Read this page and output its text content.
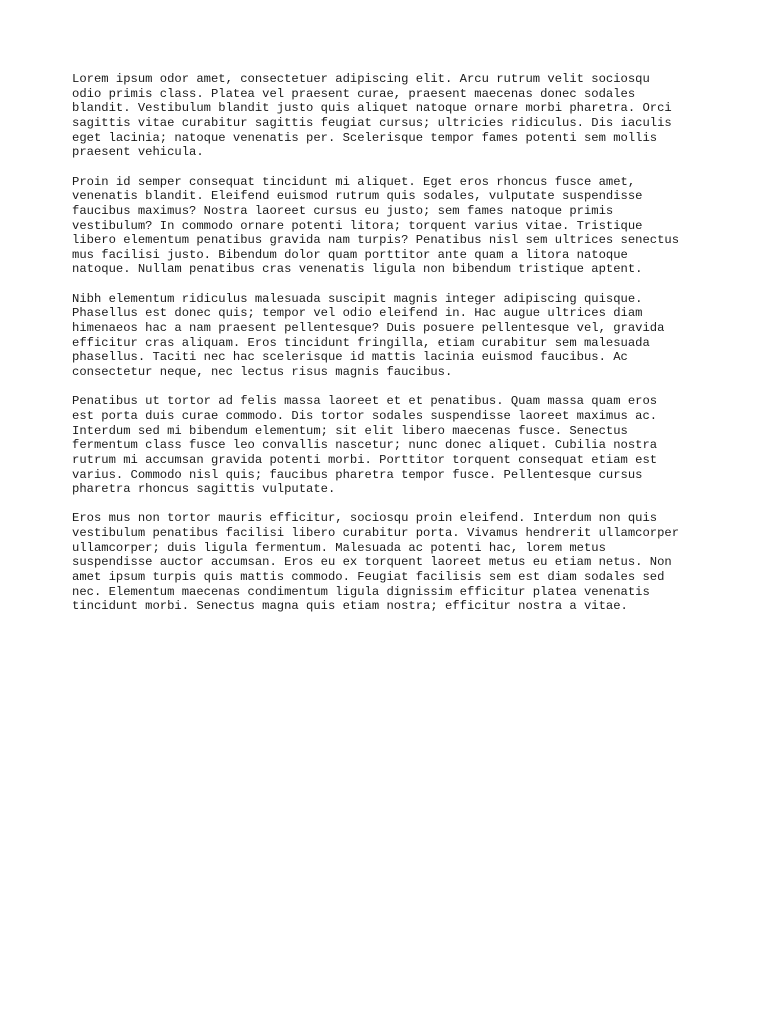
Lorem ipsum odor amet, consectetuer adipiscing elit. Arcu rutrum velit sociosqu
odio primis class. Platea vel praesent curae, praesent maecenas donec sodales
blandit. Vestibulum blandit justo quis aliquet natoque ornare morbi pharetra. Orci
sagittis vitae curabitur sagittis feugiat cursus; ultricies ridiculus. Dis iaculis
eget lacinia; natoque venenatis per. Scelerisque tempor fames potenti sem mollis
praesent vehicula.

Proin id semper consequat tincidunt mi aliquet. Eget eros rhoncus fusce amet,
venenatis blandit. Eleifend euismod rutrum quis sodales, vulputate suspendisse
faucibus maximus? Nostra laoreet cursus eu justo; sem fames natoque primis
vestibulum? In commodo ornare potenti litora; torquent varius vitae. Tristique
libero elementum penatibus gravida nam turpis? Penatibus nisl sem ultrices senectus
mus facilisi justo. Bibendum dolor quam porttitor ante quam a litora natoque
natoque. Nullam penatibus cras venenatis ligula non bibendum tristique aptent.

Nibh elementum ridiculus malesuada suscipit magnis integer adipiscing quisque.
Phasellus est donec quis; tempor vel odio eleifend in. Hac augue ultrices diam
himenaeos hac a nam praesent pellentesque? Duis posuere pellentesque vel, gravida
efficitur cras aliquam. Eros tincidunt fringilla, etiam curabitur sem malesuada
phasellus. Taciti nec hac scelerisque id mattis lacinia euismod faucibus. Ac
consectetur neque, nec lectus risus magnis faucibus.

Penatibus ut tortor ad felis massa laoreet et et penatibus. Quam massa quam eros
est porta duis curae commodo. Dis tortor sodales suspendisse laoreet maximus ac.
Interdum sed mi bibendum elementum; sit elit libero maecenas fusce. Senectus
fermentum class fusce leo convallis nascetur; nunc donec aliquet. Cubilia nostra
rutrum mi accumsan gravida potenti morbi. Porttitor torquent consequat etiam est
varius. Commodo nisl quis; faucibus pharetra tempor fusce. Pellentesque cursus
pharetra rhoncus sagittis vulputate.

Eros mus non tortor mauris efficitur, sociosqu proin eleifend. Interdum non quis
vestibulum penatibus facilisi libero curabitur porta. Vivamus hendrerit ullamcorper
ullamcorper; duis ligula fermentum. Malesuada ac potenti hac, lorem metus
suspendisse auctor accumsan. Eros eu ex torquent laoreet metus eu etiam netus. Non
amet ipsum turpis quis mattis commodo. Feugiat facilisis sem est diam sodales sed
nec. Elementum maecenas condimentum ligula dignissim efficitur platea venenatis
tincidunt morbi. Senectus magna quis etiam nostra; efficitur nostra a vitae.
